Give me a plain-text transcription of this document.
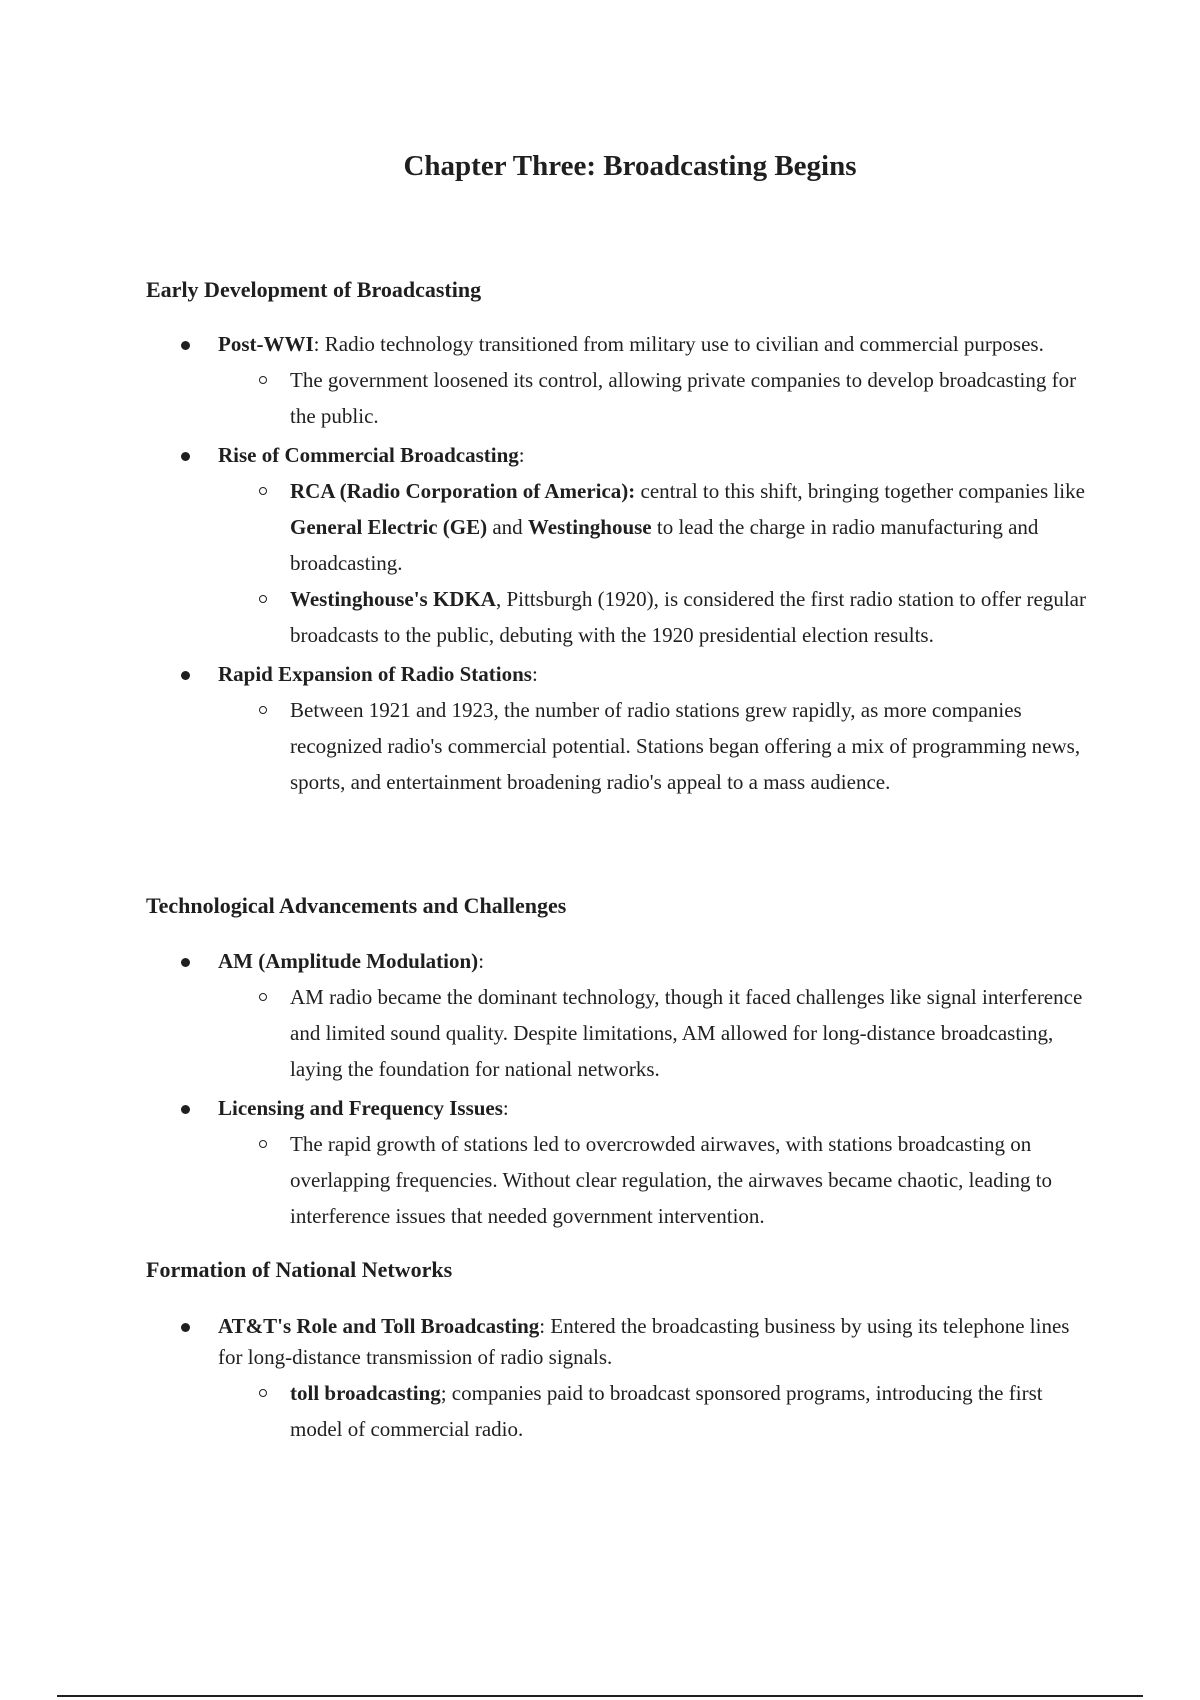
Chapter Three: Broadcasting Begins
Early Development of Broadcasting
Post-WWI: Radio technology transitioned from military use to civilian and commercial purposes.
The government loosened its control, allowing private companies to develop broadcasting for the public.
Rise of Commercial Broadcasting:
RCA (Radio Corporation of America): central to this shift, bringing together companies like General Electric (GE) and Westinghouse to lead the charge in radio manufacturing and broadcasting.
Westinghouse's KDKA, Pittsburgh (1920), is considered the first radio station to offer regular broadcasts to the public, debuting with the 1920 presidential election results.
Rapid Expansion of Radio Stations:
Between 1921 and 1923, the number of radio stations grew rapidly, as more companies recognized radio's commercial potential. Stations began offering a mix of programming news, sports, and entertainment broadening radio's appeal to a mass audience.
Technological Advancements and Challenges
AM (Amplitude Modulation):
AM radio became the dominant technology, though it faced challenges like signal interference and limited sound quality. Despite limitations, AM allowed for long-distance broadcasting, laying the foundation for national networks.
Licensing and Frequency Issues:
The rapid growth of stations led to overcrowded airwaves, with stations broadcasting on overlapping frequencies. Without clear regulation, the airwaves became chaotic, leading to interference issues that needed government intervention.
Formation of National Networks
AT&T's Role and Toll Broadcasting: Entered the broadcasting business by using its telephone lines for long-distance transmission of radio signals.
toll broadcasting; companies paid to broadcast sponsored programs, introducing the first model of commercial radio.
